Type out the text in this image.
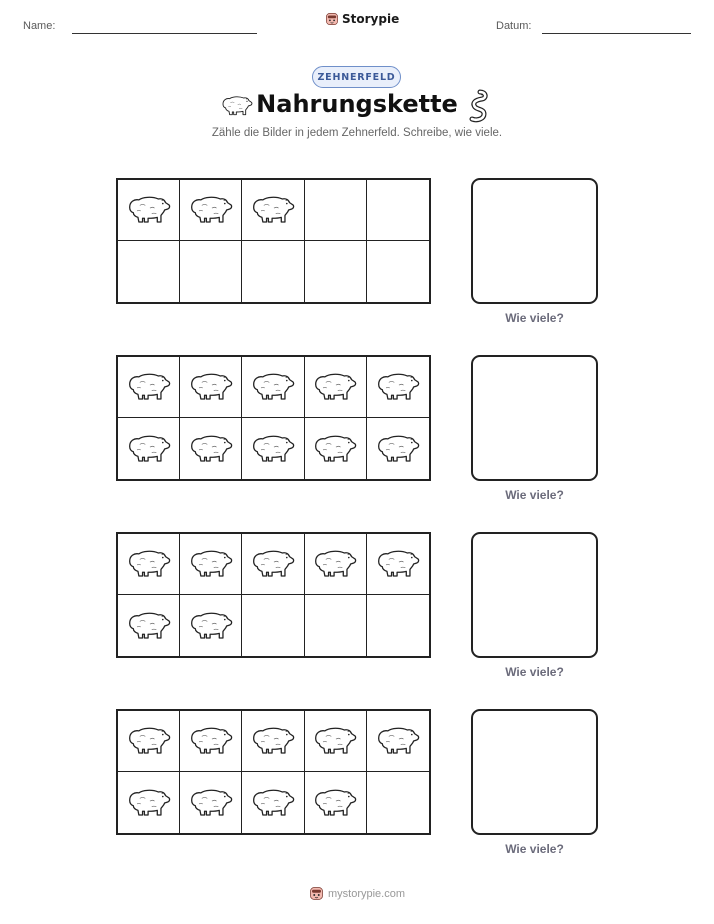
Name:	Storypie	Datum:
ZEHNERFELD
Nahrungskette
Zähle die Bilder in jedem Zehnerfeld. Schreibe, wie viele.
Wie viele?
Wie viele?
Wie viele?
Wie viele?
mystorypie.com
